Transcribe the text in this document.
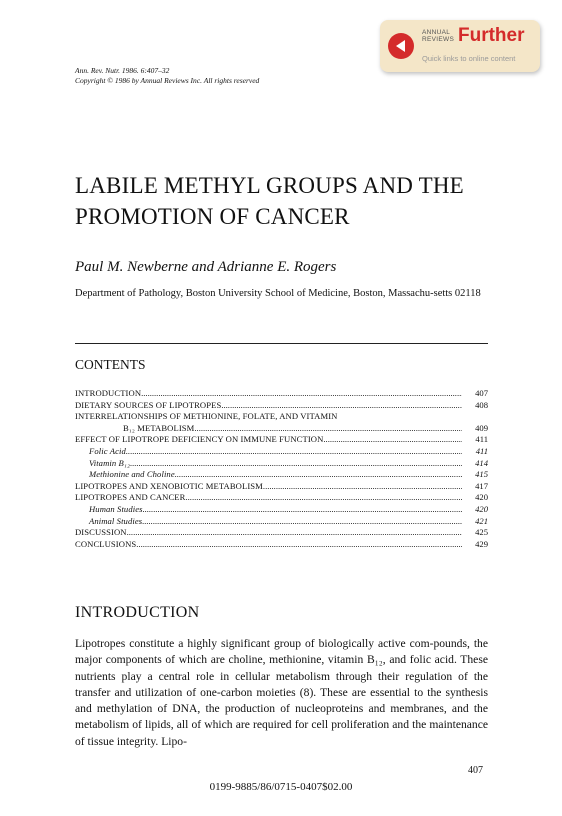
ANNUAL
REVIEWS Further
Quick links to online content
Ann. Rev. Nutr. 1986. 6:407–32
Copyright © 1986 by Annual Reviews Inc. All rights reserved
LABILE METHYL GROUPS AND THE
PROMOTION OF CANCER
Paul M. Newberne and Adrianne E. Rogers
Department of Pathology, Boston University School of Medicine, Boston, Massachu-setts 02118
CONTENTS
INTRODUCTION .....	407
DIETARY SOURCES OF LIPOTROPES .....	408
INTERRELATIONSHIPS OF METHIONINE, FOLATE, AND VITAMIN
B₁₂ METABOLISM .....	409
EFFECT OF LIPOTROPE DEFICIENCY ON IMMUNE FUNCTION .....	411
Folic Acid .....	411
Vitamin B₁₂ .....	414
Methionine and Choline .....	415
LIPOTROPES AND XENOBIOTIC METABOLISM .....	417
LIPOTROPES AND CANCER .....	420
Human Studies .....	420
Animal Studies .....	421
DISCUSSION .....	425
CONCLUSIONS .....	429
INTRODUCTION
Lipotropes constitute a highly significant group of biologically active com-pounds, the major components of which are choline, methionine, vitamin B₁₂, and folic acid. These nutrients play a central role in cellular metabolism through their regulation of the transfer and utilization of one-carbon moieties (8). These are essential to the synthesis and methylation of DNA, the production of nucleoproteins and membranes, and the metabolism of lipids, all of which are required for cell proliferation and the maintenance of tissue integrity. Lipo-
407
0199-9885/86/0715-0407$02.00
